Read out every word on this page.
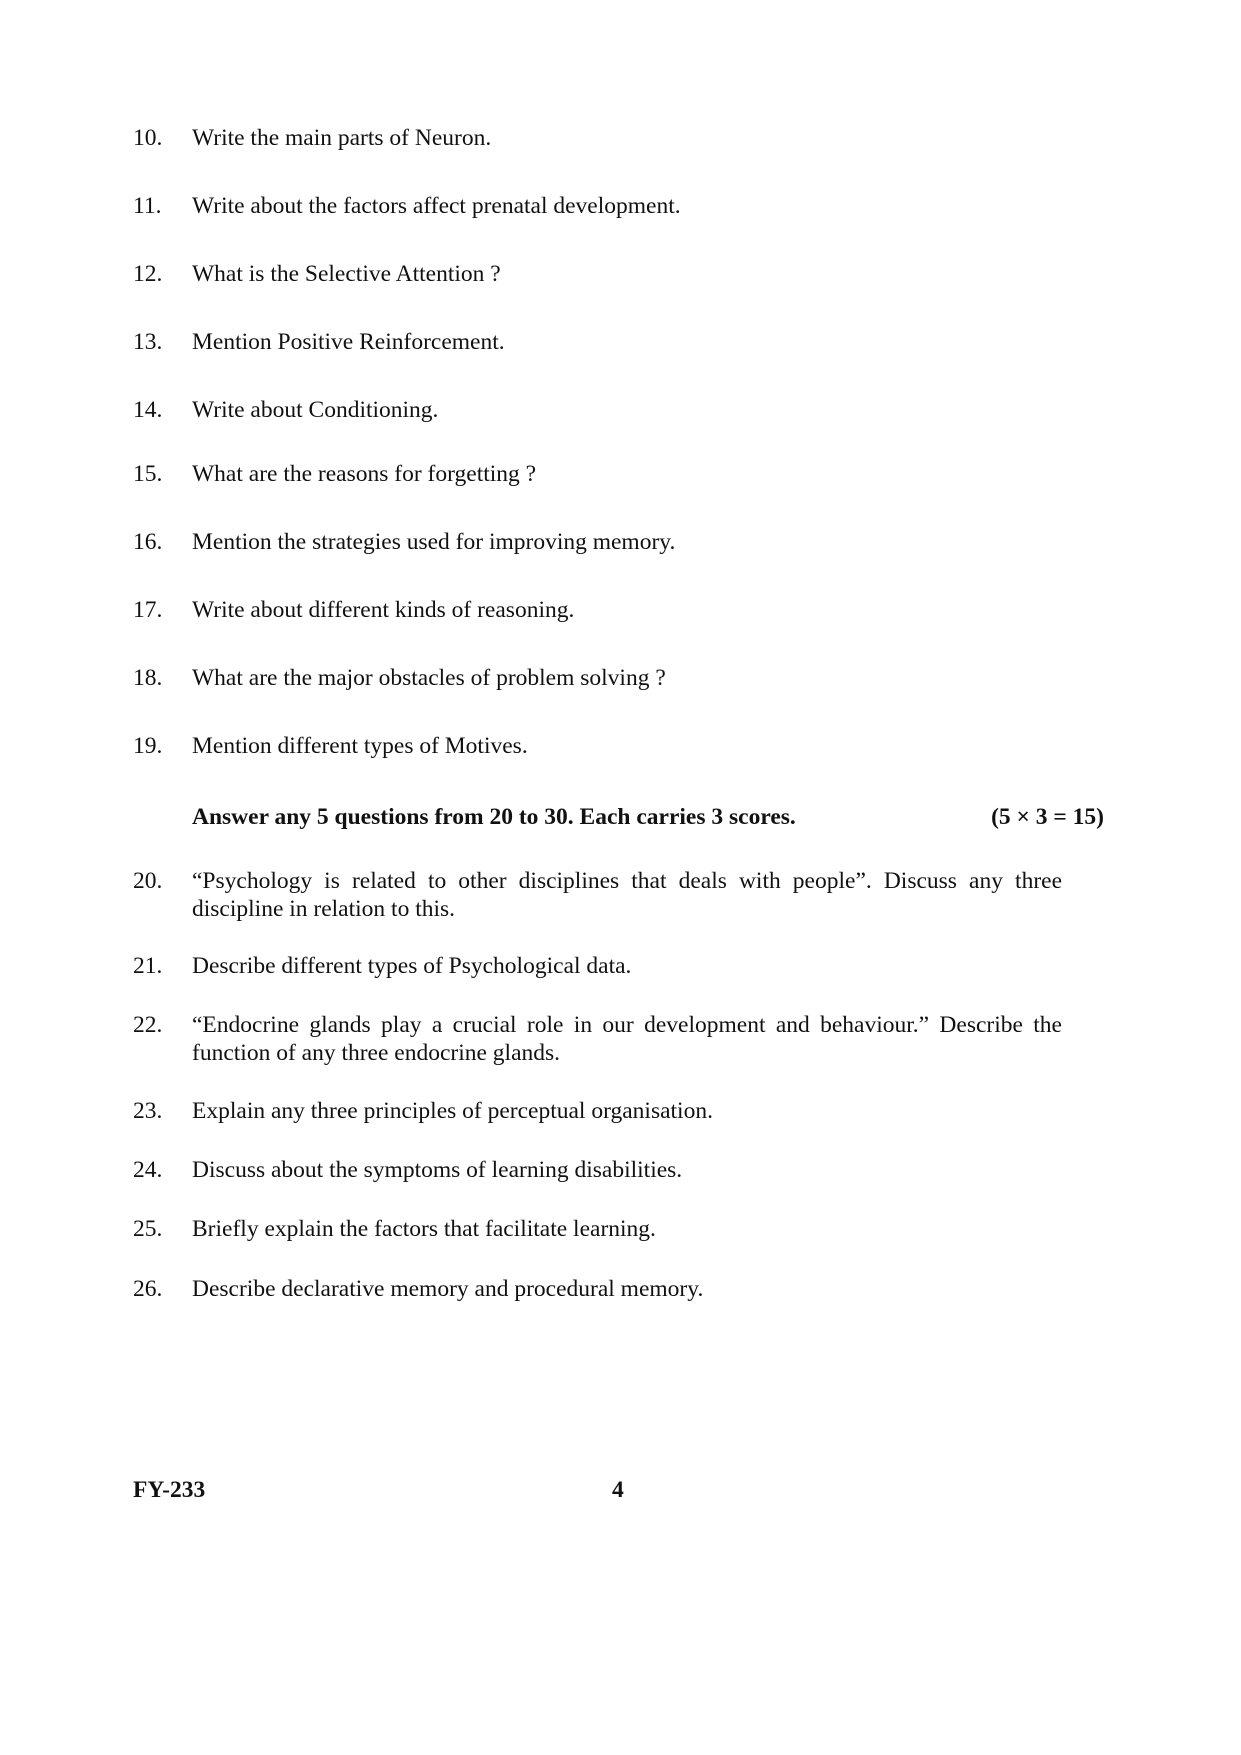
10.	Write the main parts of Neuron.
11.	Write about the factors affect prenatal development.
12.	What is the Selective Attention ?
13.	Mention Positive Reinforcement.
14.	Write about Conditioning.
15.	What are the reasons for forgetting ?
16.	Mention the strategies used for improving memory.
17.	Write about different kinds of reasoning.
18.	What are the major obstacles of problem solving ?
19.	Mention different types of Motives.
Answer any 5 questions from 20 to 30. Each carries 3 scores.	(5 × 3 = 15)
20.	“Psychology is related to other disciplines that deals with people”. Discuss any three discipline in relation to this.
21.	Describe different types of Psychological data.
22.	“Endocrine glands play a crucial role in our development and behaviour.” Describe the function of any three endocrine glands.
23.	Explain any three principles of perceptual organisation.
24.	Discuss about the symptoms of learning disabilities.
25.	Briefly explain the factors that facilitate learning.
26.	Describe declarative memory and procedural memory.
FY-233	4
